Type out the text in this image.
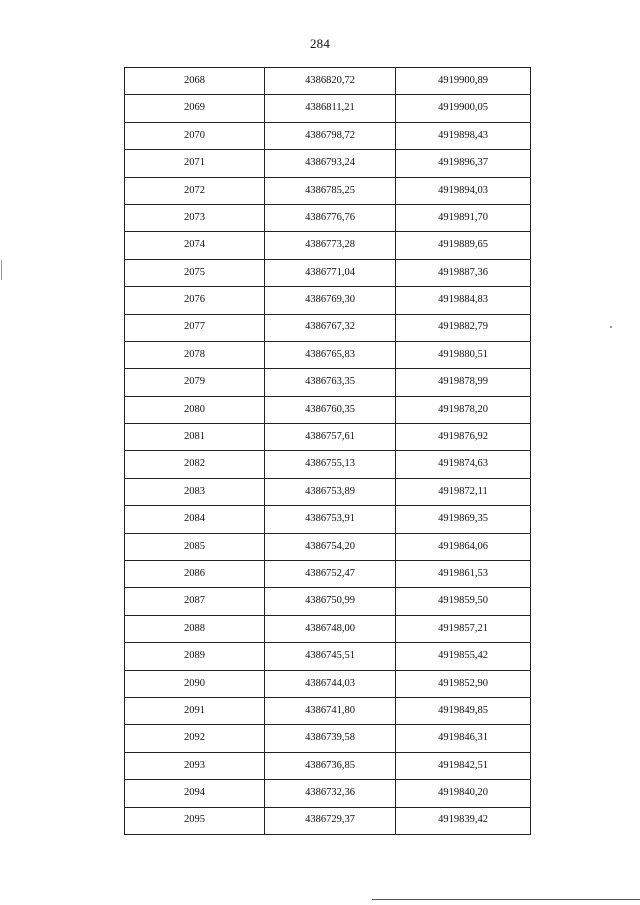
284
2068	4386820,72	4919900,89
2069	4386811,21	4919900,05
2070	4386798,72	4919898,43
2071	4386793,24	4919896,37
2072	4386785,25	4919894,03
2073	4386776,76	4919891,70
2074	4386773,28	4919889,65
2075	4386771,04	4919887,36
2076	4386769,30	4919884,83
2077	4386767,32	4919882,79
2078	4386765,83	4919880,51
2079	4386763,35	4919878,99
2080	4386760,35	4919878,20
2081	4386757,61	4919876,92
2082	4386755,13	4919874,63
2083	4386753,89	4919872,11
2084	4386753,91	4919869,35
2085	4386754,20	4919864,06
2086	4386752,47	4919861,53
2087	4386750,99	4919859,50
2088	4386748,00	4919857,21
2089	4386745,51	4919855,42
2090	4386744,03	4919852,90
2091	4386741,80	4919849,85
2092	4386739,58	4919846,31
2093	4386736,85	4919842,51
2094	4386732,36	4919840,20
2095	4386729,37	4919839,42
